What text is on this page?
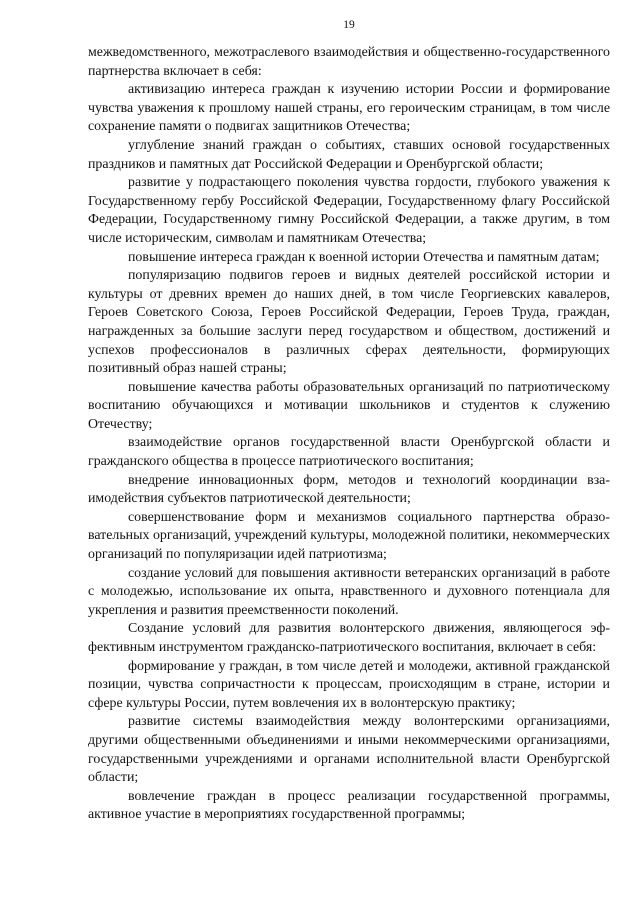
19

межведомственного, межотраслевого взаимодействия и общественно-государственного партнерства включает в себя:

активизацию интереса граждан к изучению истории России и формирование чувства уважения к прошлому нашей страны, его героическим страницам, в том числе сохранение памяти о подвигах защитников Отечества;

углубление знаний граждан о событиях, ставших основой государственных праздников и памятных дат Российской Федерации и Оренбургской области;

развитие у подрастающего поколения чувства гордости, глубокого уважения к Государственному гербу Российской Федерации, Государственному флагу Российской Федерации, Государственному гимну Российской Федерации, а также другим, в том числе историческим, символам и памятникам Отечества;

повышение интереса граждан к военной истории Отечества и памятным датам;

популяризацию подвигов героев и видных деятелей российской истории и культуры от древних времен до наших дней, в том числе Георгиевских кавалеров, Героев Советского Союза, Героев Российской Федерации, Героев Труда, граждан, награжденных за большие заслуги перед государством и обществом, достижений и успехов профессионалов в различных сферах деятельности, формирующих позитивный образ нашей страны;

повышение качества работы образовательных организаций по патриотическому воспитанию обучающихся и мотивации школьников и студентов к служению Отечеству;

взаимодействие органов государственной власти Оренбургской области и гражданского общества в процессе патриотического воспитания;

внедрение инновационных форм, методов и технологий координации взаимодействия субъектов патриотической деятельности;

совершенствование форм и механизмов социального партнерства образовательных организаций, учреждений культуры, молодежной политики, некоммерческих организаций по популяризации идей патриотизма;

создание условий для повышения активности ветеранских организаций в работе с молодежью, использование их опыта, нравственного и духовного потенциала для укрепления и развития преемственности поколений.

Создание условий для развития волонтерского движения, являющегося эффективным инструментом гражданско-патриотического воспитания, включает в себя:

формирование у граждан, в том числе детей и молодежи, активной гражданской позиции, чувства сопричастности к процессам, происходящим в стране, истории и сфере культуры России, путем вовлечения их в волонтерскую практику;

развитие системы взаимодействия между волонтерскими организациями, другими общественными объединениями и иными некоммерческими организациями, государственными учреждениями и органами исполнительной власти Оренбургской области;

вовлечение граждан в процесс реализации государственной программы, активное участие в мероприятиях государственной программы;
